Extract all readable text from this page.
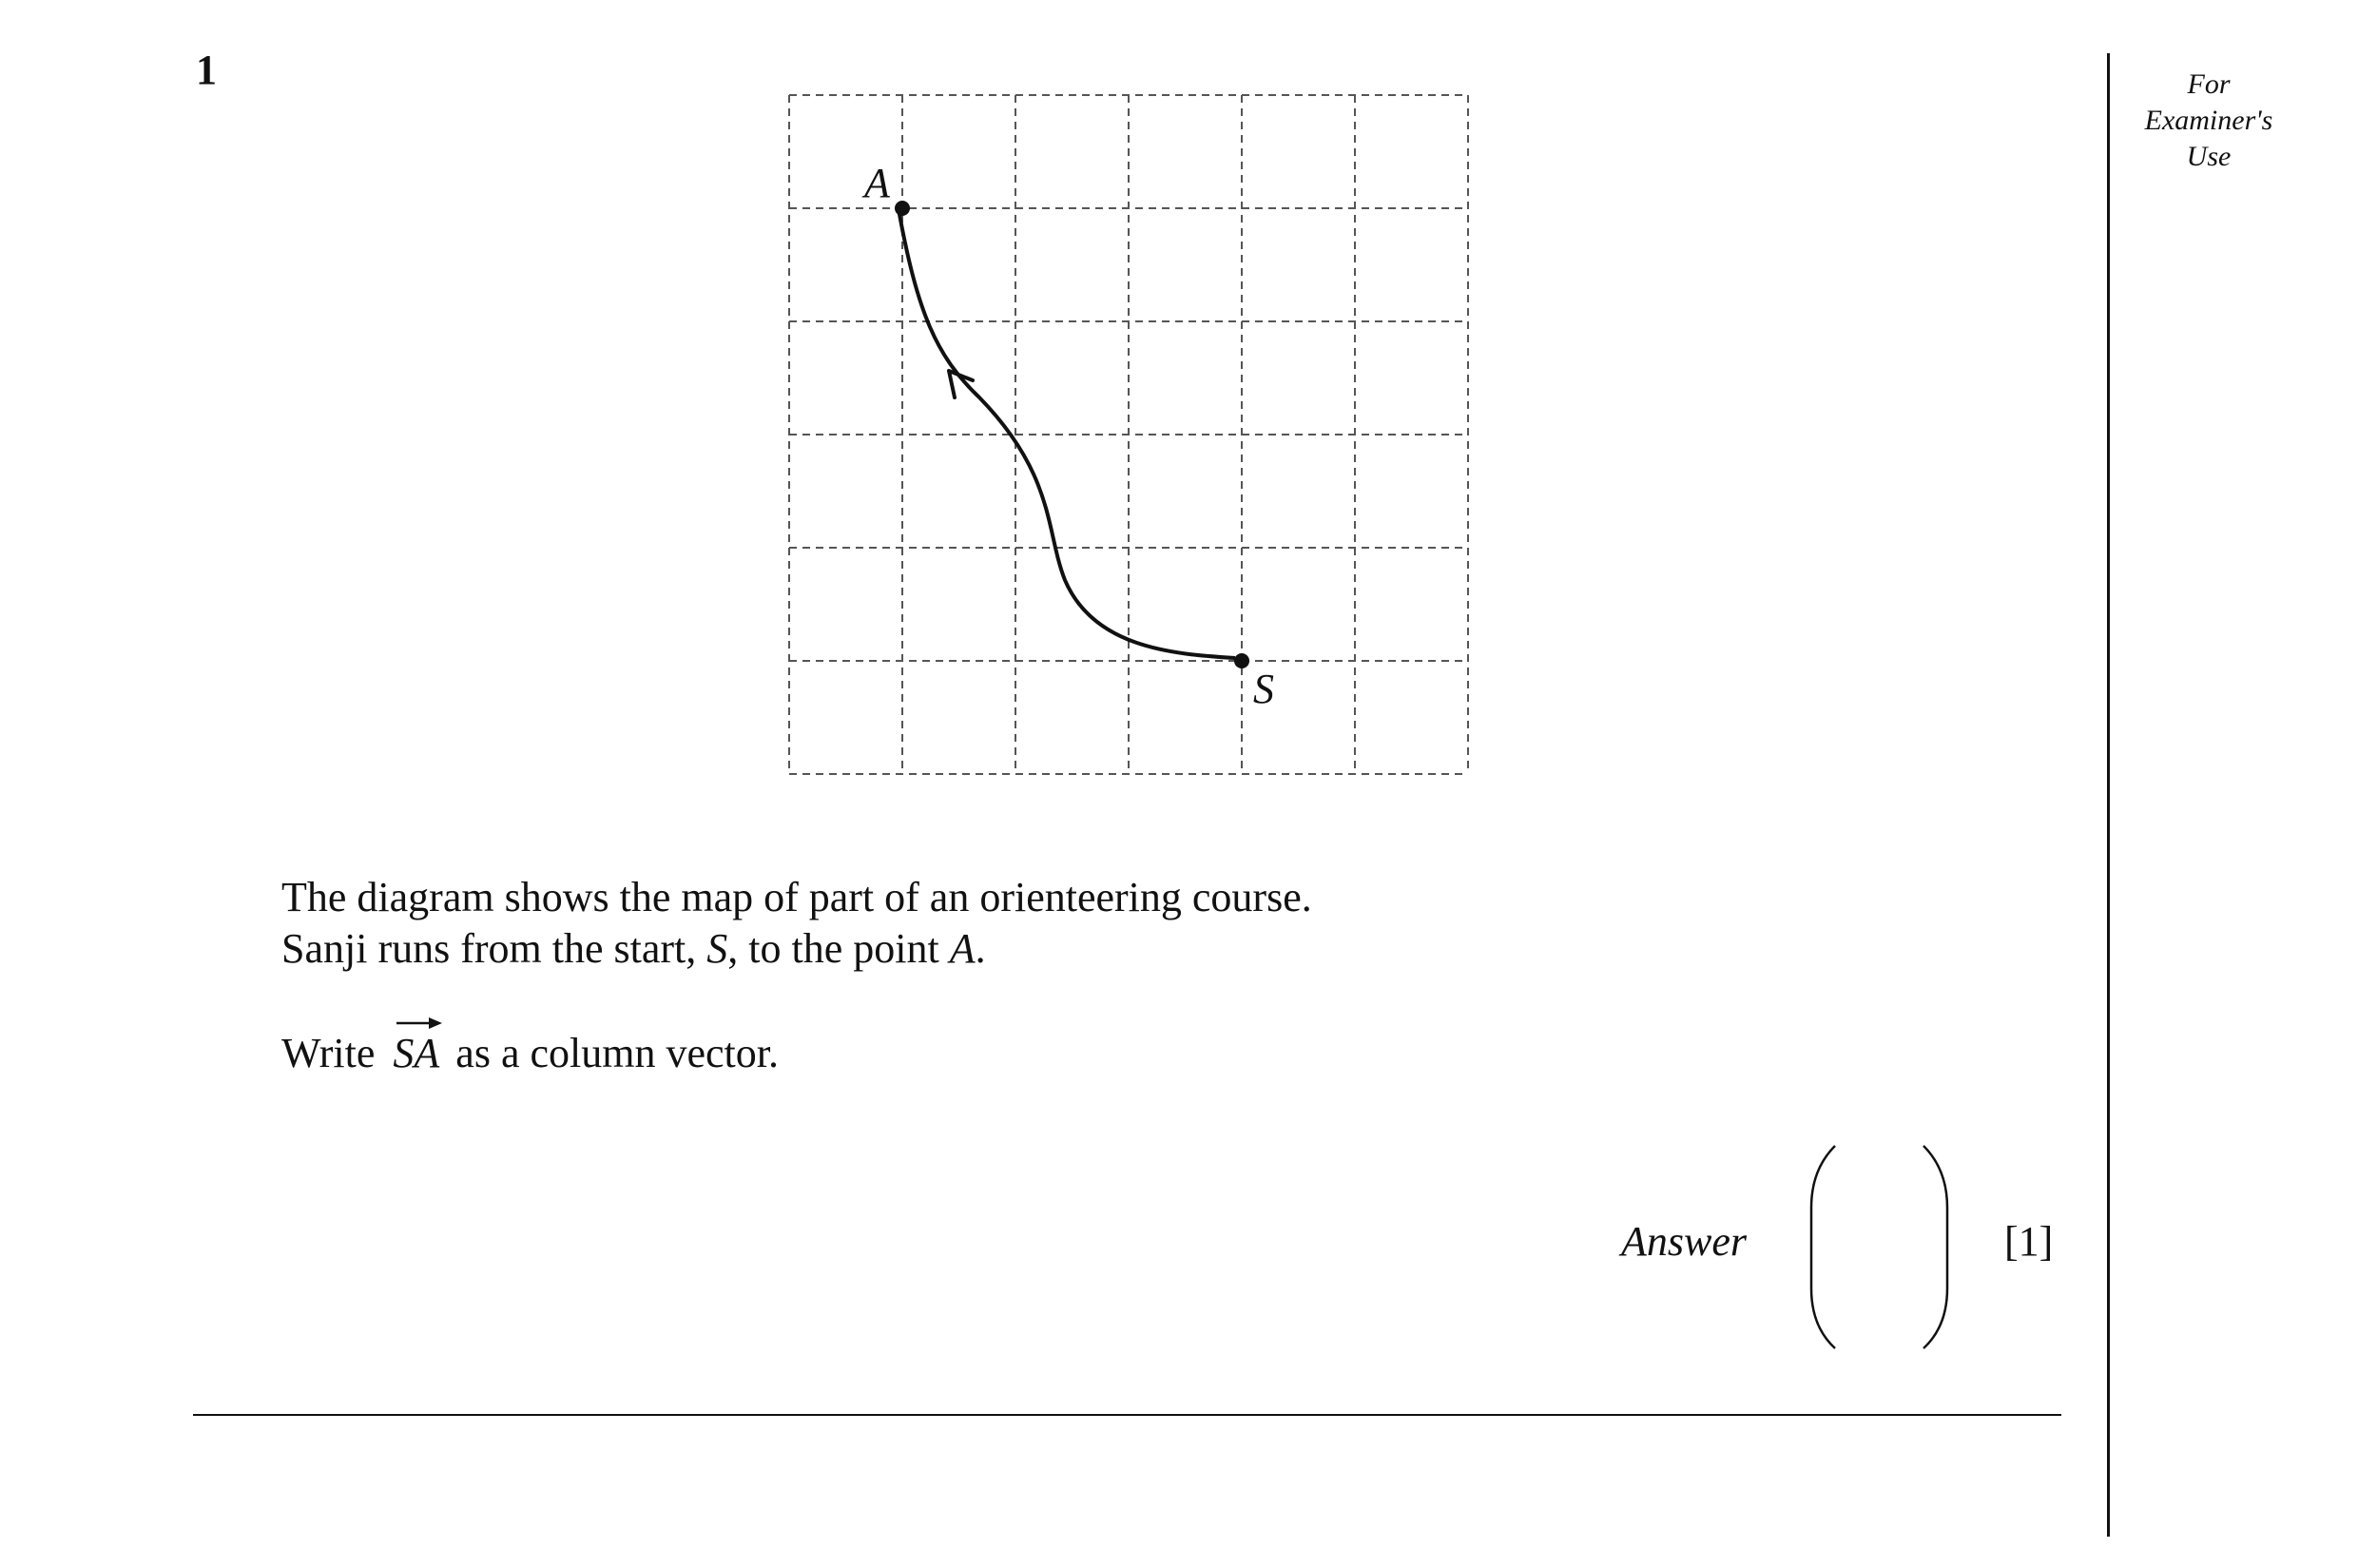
1	For
Examiner's
Use
A
S
The diagram shows the map of part of an orienteering course.
Sanji runs from the start, S, to the point A.
Write
SA as a column vector.
Answer	[1]
